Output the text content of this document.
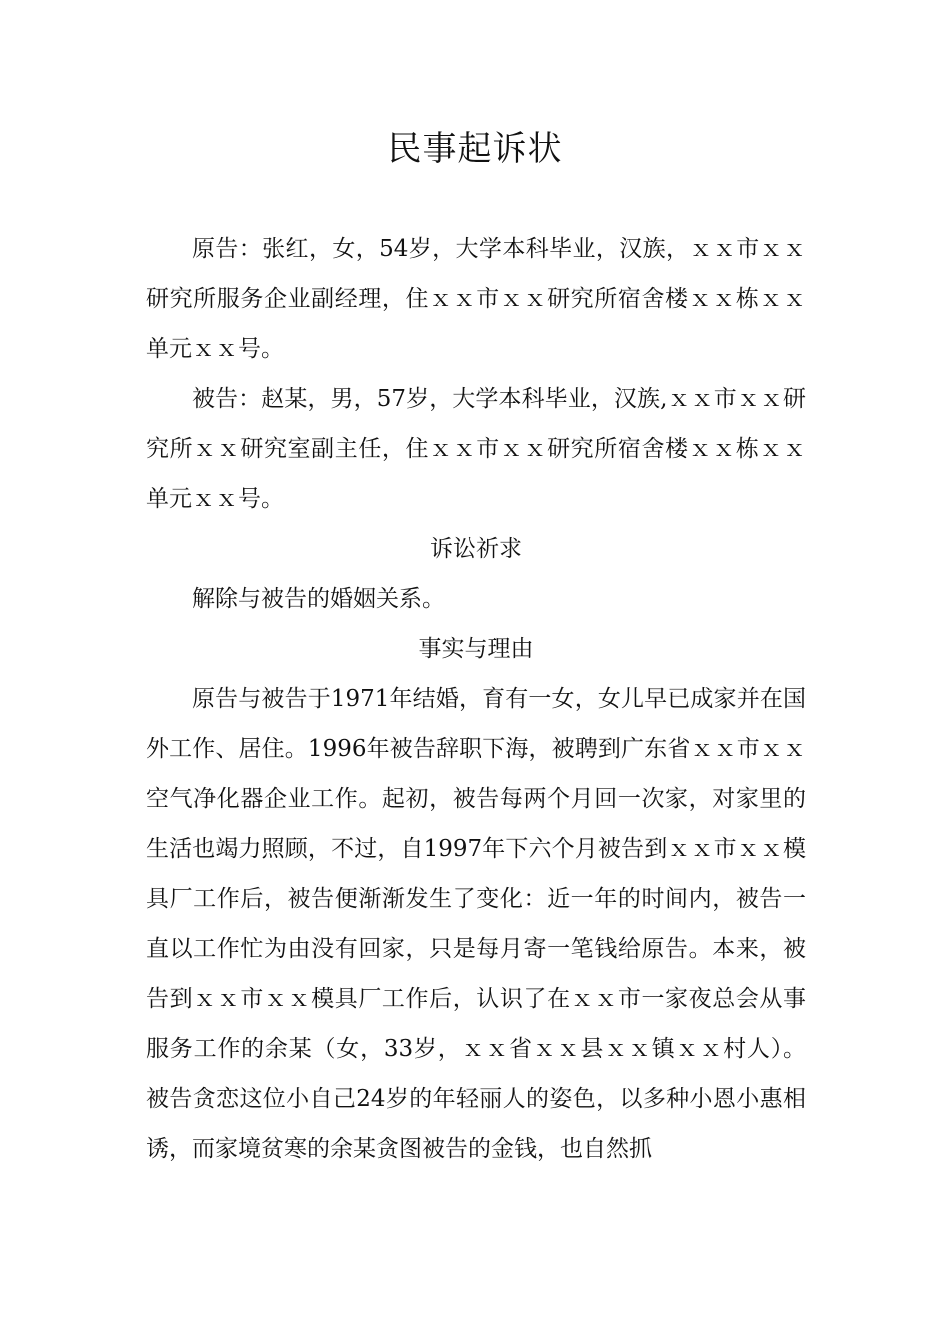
民事起诉状

原告：张红，女，54岁，大学本科毕业，汉族，ｘｘ市ｘｘ研究所服务企业副经理，住ｘｘ市ｘｘ研究所宿舍楼ｘｘ栋ｘｘ单元ｘｘ号。

被告：赵某，男，57岁，大学本科毕业，汉族,ｘｘ市ｘｘ研究所ｘｘ研究室副主任，住ｘｘ市ｘｘ研究所宿舍楼ｘｘ栋ｘｘ单元ｘｘ号。

诉讼祈求

解除与被告的婚姻关系。

事实与理由

原告与被告于1971年结婚，育有一女，女儿早已成家并在国外工作、居住。1996年被告辞职下海，被聘到广东省ｘｘ市ｘｘ空气净化器企业工作。起初，被告每两个月回一次家，对家里的生活也竭力照顾，不过，自1997年下六个月被告到ｘｘ市ｘｘ模具厂工作后，被告便渐渐发生了变化：近一年的时间内，被告一直以工作忙为由没有回家，只是每月寄一笔钱给原告。本来，被告到ｘｘ市ｘｘ模具厂工作后，认识了在ｘｘ市一家夜总会从事服务工作的余某（女，33岁，ｘｘ省ｘｘ县ｘｘ镇ｘｘ村人）。被告贪恋这位小自己24岁的年轻丽人的姿色，以多种小恩小惠相诱，而家境贫寒的余某贪图被告的金钱，也自然抓
